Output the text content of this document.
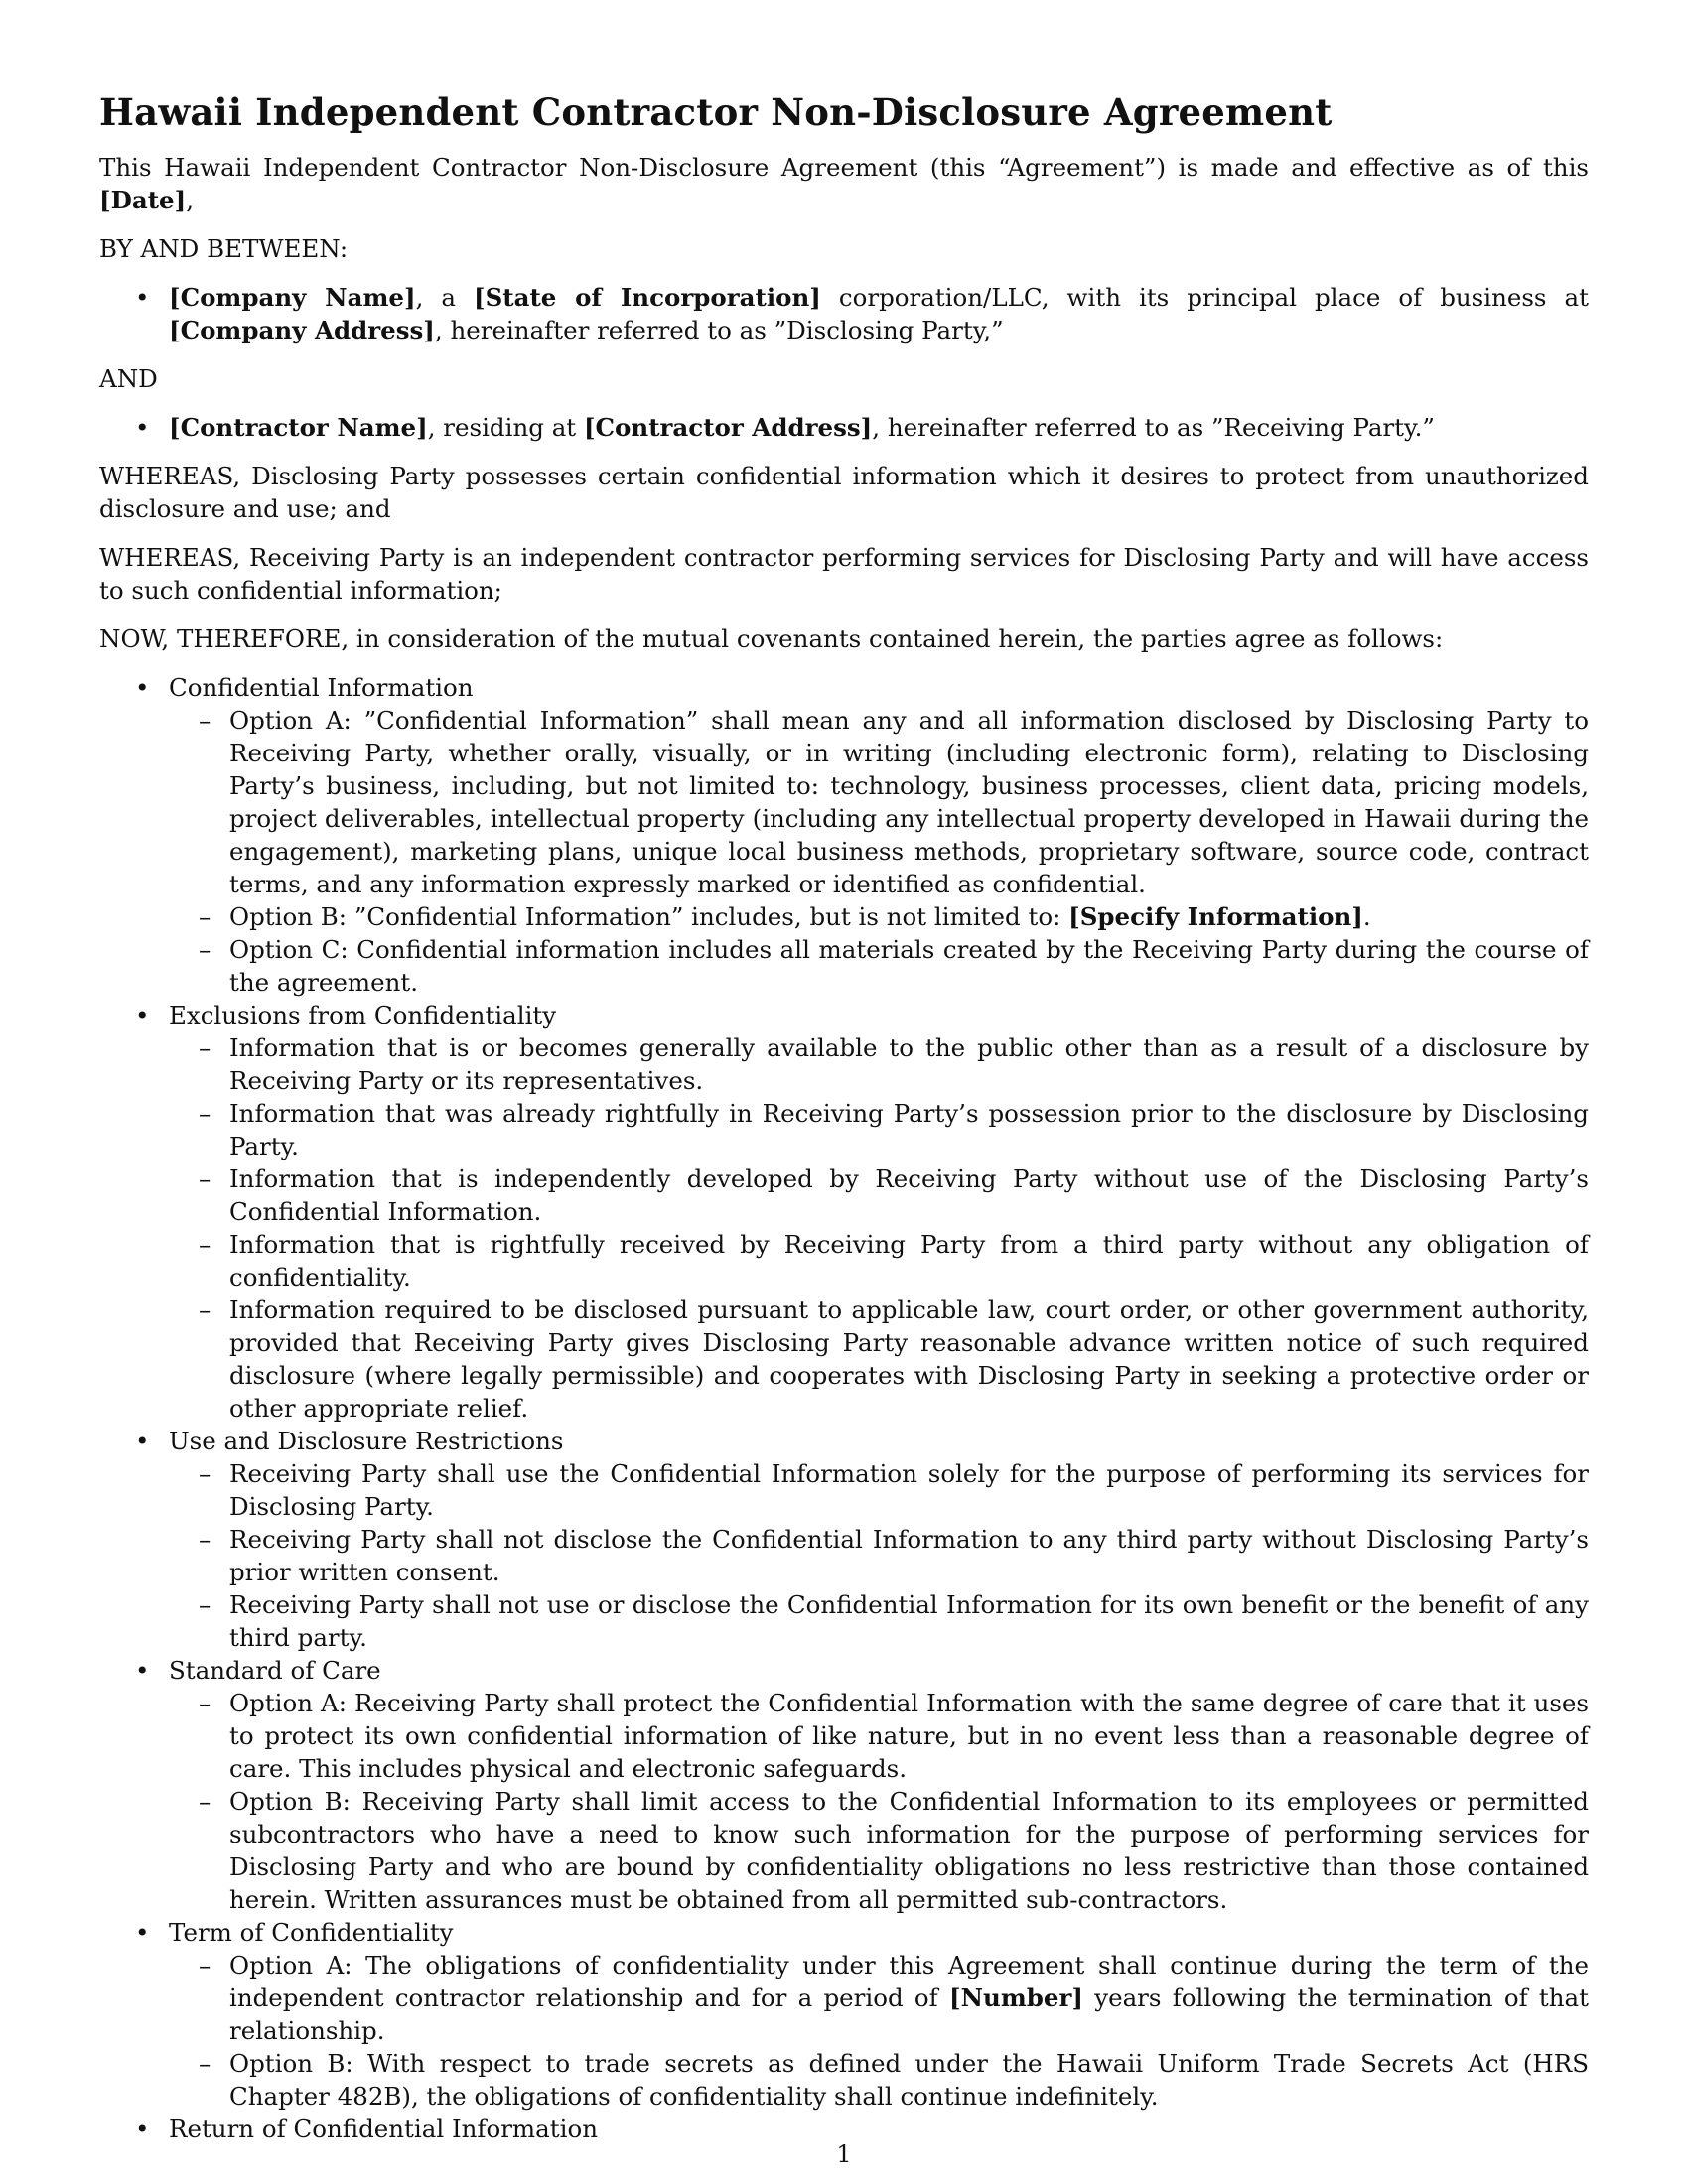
Hawaii Independent Contractor Non-Disclosure Agreement

This Hawaii Independent Contractor Non-Disclosure Agreement (this “Agreement”) is made and effective as of this [Date],

BY AND BETWEEN:

• [Company Name], a [State of Incorporation] corporation/LLC, with its principal place of business at [Company Address], hereinafter referred to as ”Disclosing Party,”

AND

• [Contractor Name], residing at [Contractor Address], hereinafter referred to as ”Receiving Party.”

WHEREAS, Disclosing Party possesses certain confidential information which it desires to protect from unauthorized disclosure and use; and

WHEREAS, Receiving Party is an independent contractor performing services for Disclosing Party and will have access to such confidential information;

NOW, THEREFORE, in consideration of the mutual covenants contained herein, the parties agree as follows:

• Confidential Information
– Option A: ”Confidential Information” shall mean any and all information disclosed by Disclosing Party to Receiving Party, whether orally, visually, or in writing (including electronic form), relating to Disclosing Party’s business, including, but not limited to: technology, business processes, client data, pricing models, project deliverables, intellectual property (including any intellectual property developed in Hawaii during the engagement), marketing plans, unique local business methods, proprietary software, source code, contract terms, and any information expressly marked or identified as confidential.
– Option B: ”Confidential Information” includes, but is not limited to: [Specify Information].
– Option C: Confidential information includes all materials created by the Receiving Party during the course of the agreement.
• Exclusions from Confidentiality
– Information that is or becomes generally available to the public other than as a result of a disclosure by Receiving Party or its representatives.
– Information that was already rightfully in Receiving Party’s possession prior to the disclosure by Disclosing Party.
– Information that is independently developed by Receiving Party without use of the Disclosing Party’s Confidential Information.
– Information that is rightfully received by Receiving Party from a third party without any obligation of confidentiality.
– Information required to be disclosed pursuant to applicable law, court order, or other government authority, provided that Receiving Party gives Disclosing Party reasonable advance written notice of such required disclosure (where legally permissible) and cooperates with Disclosing Party in seeking a protective order or other appropriate relief.
• Use and Disclosure Restrictions
– Receiving Party shall use the Confidential Information solely for the purpose of performing its services for Disclosing Party.
– Receiving Party shall not disclose the Confidential Information to any third party without Disclosing Party’s prior written consent.
– Receiving Party shall not use or disclose the Confidential Information for its own benefit or the benefit of any third party.
• Standard of Care
– Option A: Receiving Party shall protect the Confidential Information with the same degree of care that it uses to protect its own confidential information of like nature, but in no event less than a reasonable degree of care. This includes physical and electronic safeguards.
– Option B: Receiving Party shall limit access to the Confidential Information to its employees or permitted subcontractors who have a need to know such information for the purpose of performing services for Disclosing Party and who are bound by confidentiality obligations no less restrictive than those contained herein. Written assurances must be obtained from all permitted sub-contractors.
• Term of Confidentiality
– Option A: The obligations of confidentiality under this Agreement shall continue during the term of the independent contractor relationship and for a period of [Number] years following the termination of that relationship.
– Option B: With respect to trade secrets as defined under the Hawaii Uniform Trade Secrets Act (HRS Chapter 482B), the obligations of confidentiality shall continue indefinitely.
• Return of Confidential Information
1
